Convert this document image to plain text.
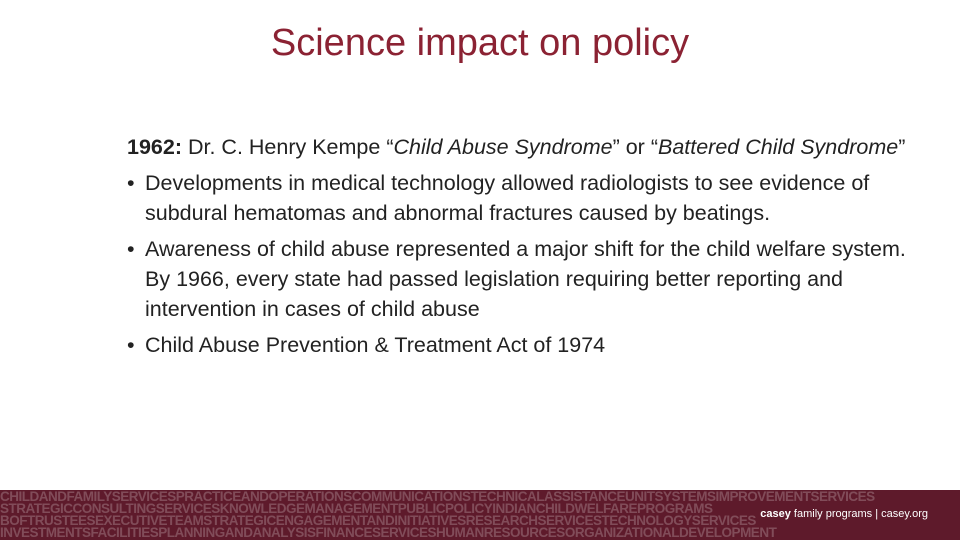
Science impact on policy

1962: Dr. C. Henry Kempe “Child Abuse Syndrome” or “Battered Child Syndrome”

• Developments in medical technology allowed radiologists to see evidence of subdural hematomas and abnormal fractures caused by beatings.
• Awareness of child abuse represented a major shift for the child welfare system. By 1966, every state had passed legislation requiring better reporting and intervention in cases of child abuse
• Child Abuse Prevention & Treatment Act of 1974
CHILDANDFAMILYSERVICESPRACTICEANDOPERATIONSCOMMUNICATIONSTECHNICALASSISTANCEUNITSYSTEMSIMPROVEMENTSERVICES
STRATEGICCONSULTINGSERVICESKNOWLEDGEMANAGEMENTPUBLICPOLICYINDIANCHILDWELFAREPROGRAMS
BOFTRUSTEESEXECUTIVETEAMSTRATEGICENGAGEMENTANDINITIATIVESRESEARCHSERVICESTECHNOLOGYSERVICES
INVESTMENTSFACILITIESPLANNINGANDANALYSISFINANCESERVICESHUMANRESOURCESORGANIZATIONALDEVELOPMENT
casey family programs | casey.org
